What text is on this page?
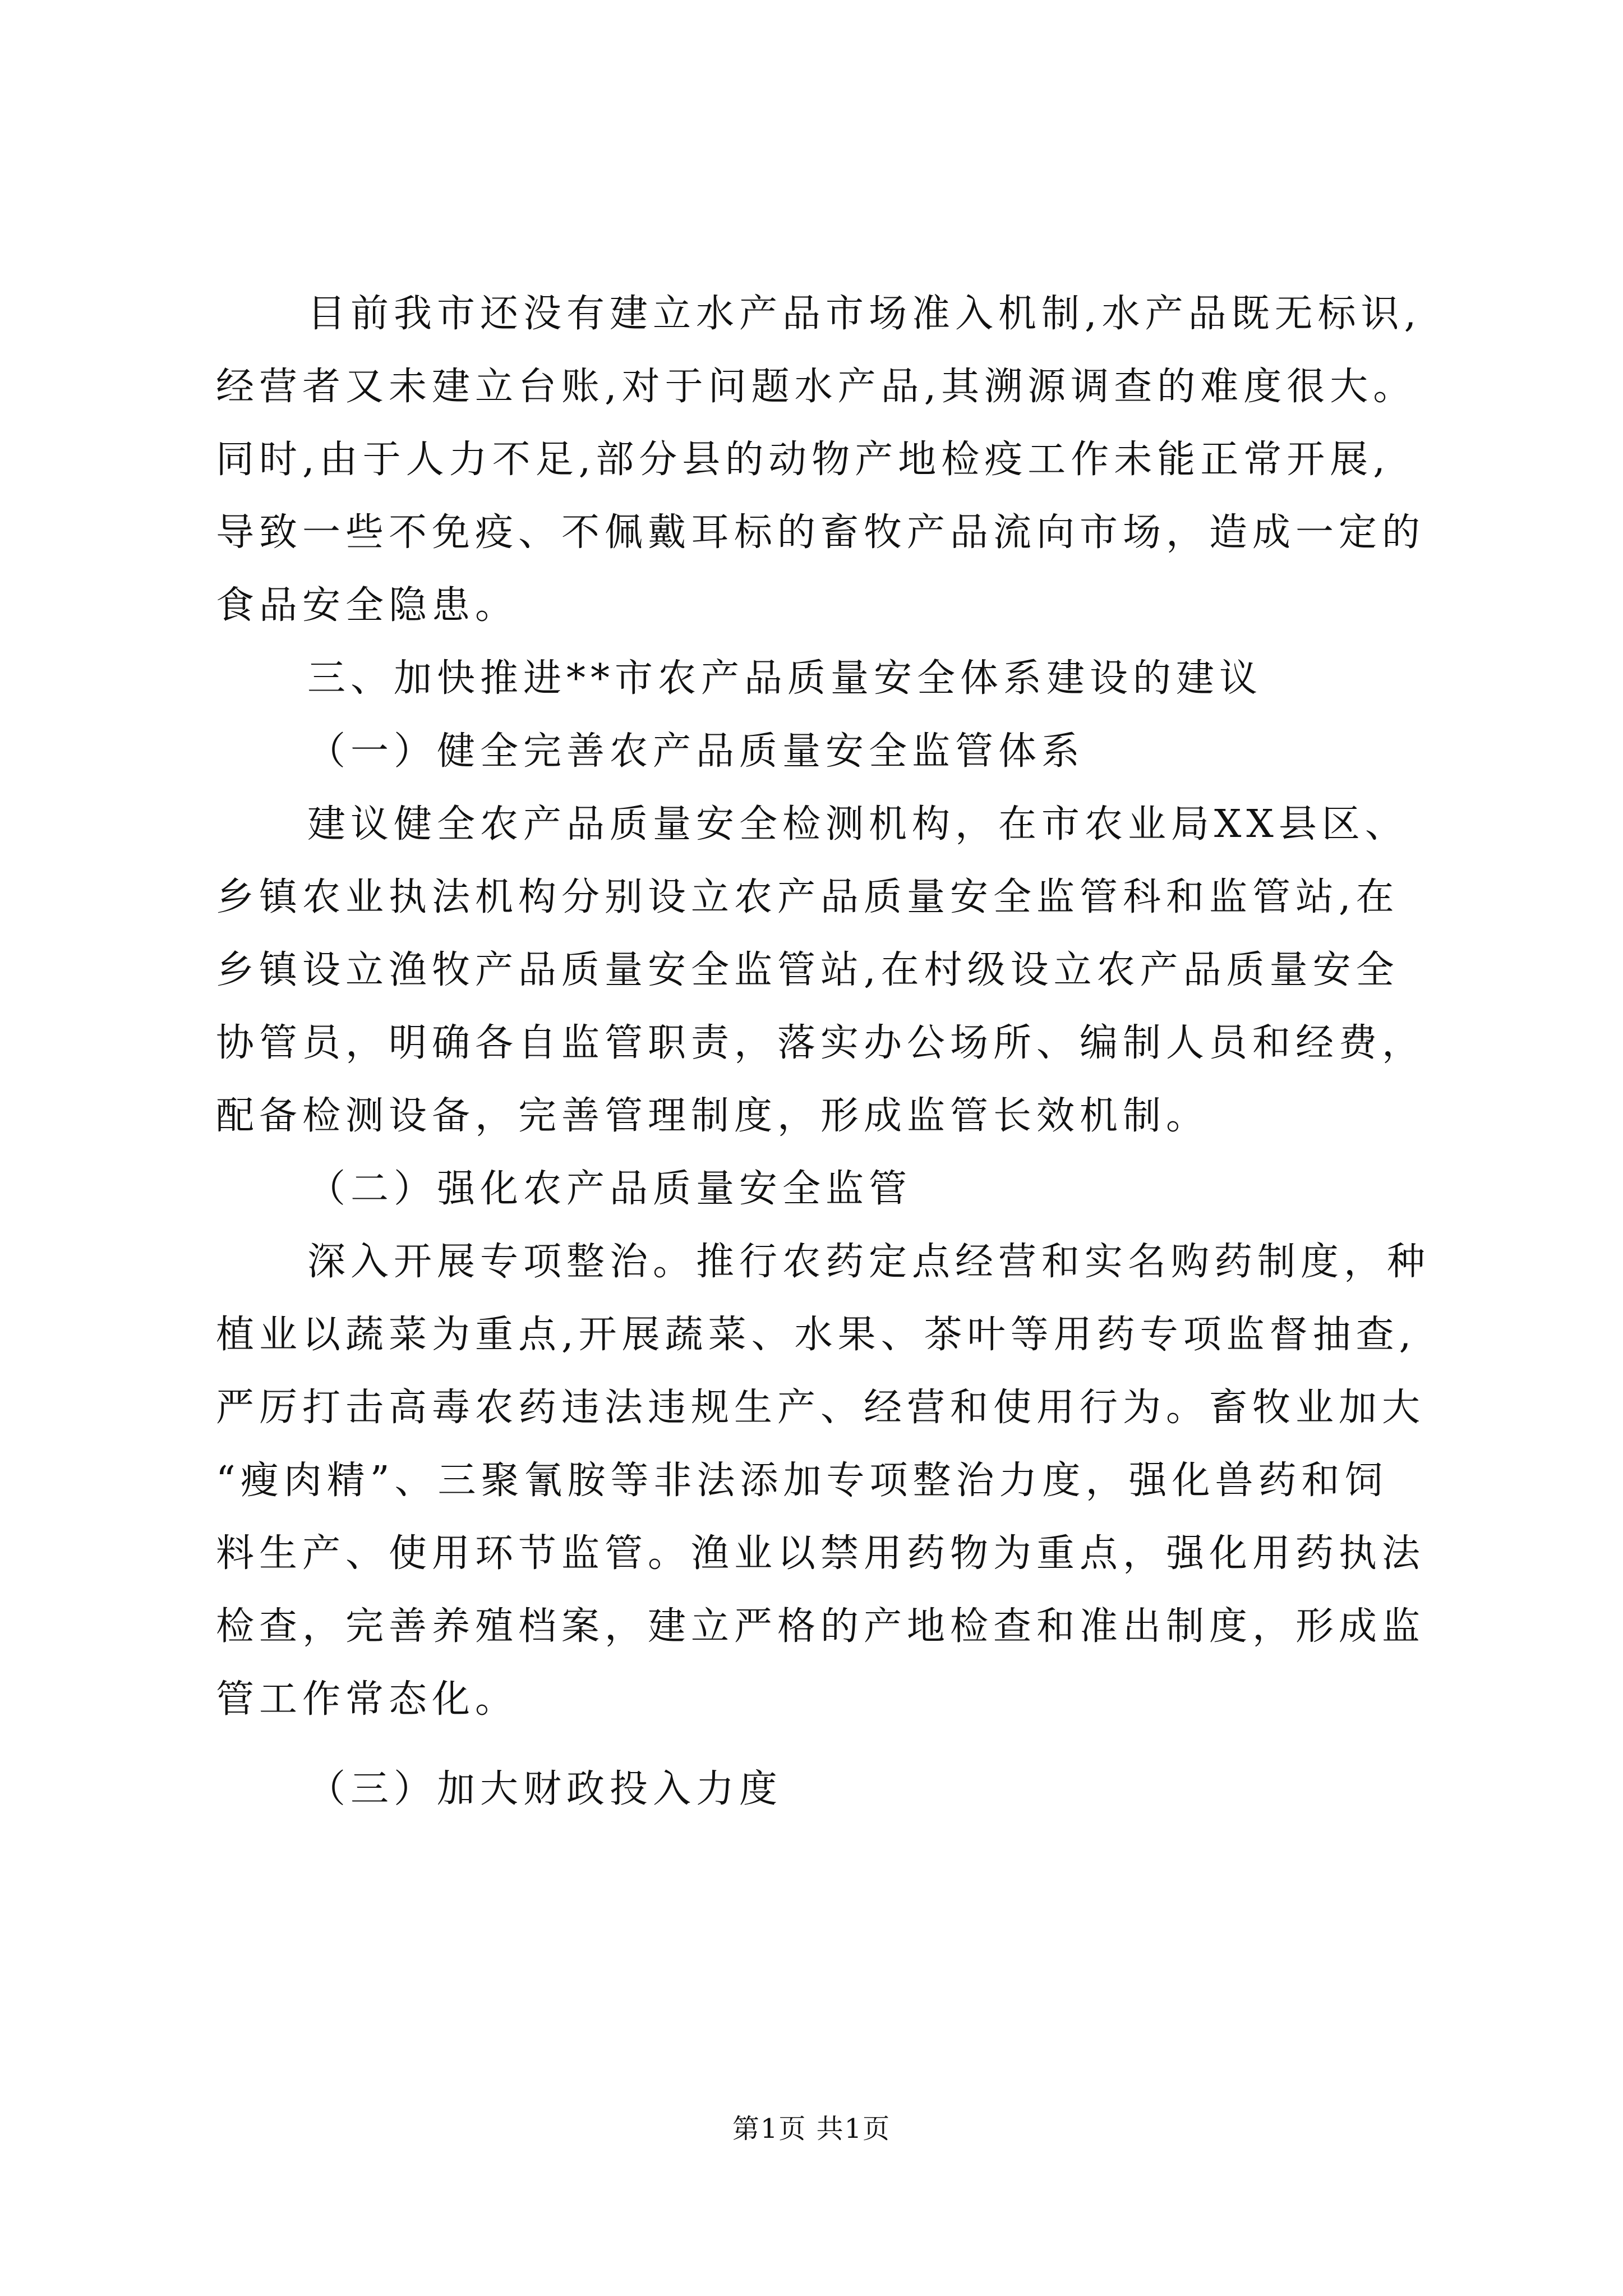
目前我市还没有建立水产品市场准入机制,水产品既无标识,
经营者又未建立台账,对于问题水产品,其溯源调查的难度很大。
同时,由于人力不足,部分县的动物产地检疫工作未能正常开展,
导致一些不免疫、不佩戴耳标的畜牧产品流向市场，造成一定的
食品安全隐患。
三、加快推进**市农产品质量安全体系建设的建议
（一）健全完善农产品质量安全监管体系
建议健全农产品质量安全检测机构，在市农业局XX县区、
乡镇农业执法机构分别设立农产品质量安全监管科和监管站,在
乡镇设立渔牧产品质量安全监管站,在村级设立农产品质量安全
协管员，明确各自监管职责，落实办公场所、编制人员和经费，
配备检测设备，完善管理制度，形成监管长效机制。
（二）强化农产品质量安全监管
深入开展专项整治。推行农药定点经营和实名购药制度，种
植业以蔬菜为重点,开展蔬菜、水果、茶叶等用药专项监督抽查,
严厉打击高毒农药违法违规生产、经营和使用行为。畜牧业加大
“瘦肉精”、三聚氰胺等非法添加专项整治力度，强化兽药和饲
料生产、使用环节监管。渔业以禁用药物为重点，强化用药执法
检查，完善养殖档案，建立严格的产地检查和准出制度，形成监
管工作常态化。
（三）加大财政投入力度
第1页 共1页
